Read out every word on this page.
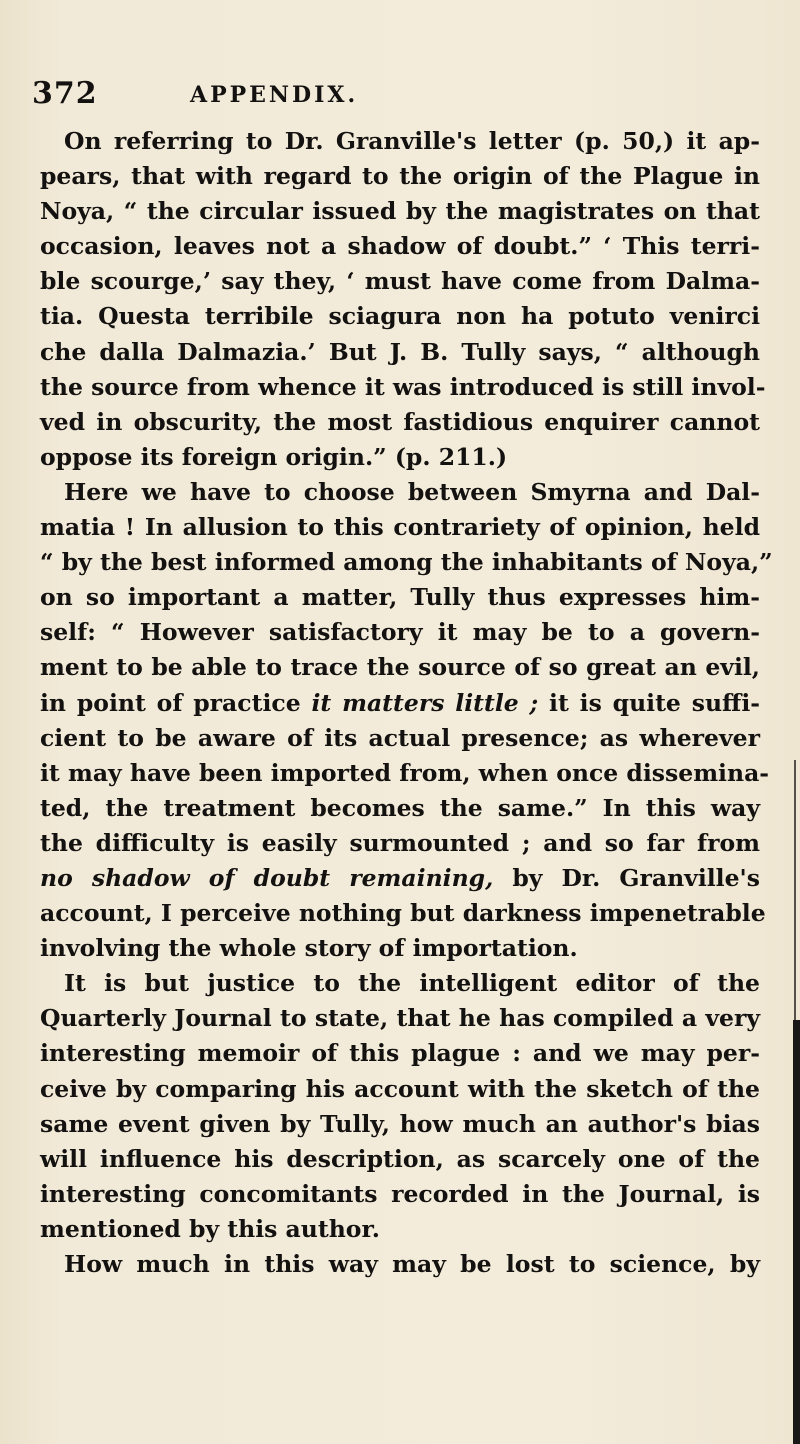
372	APPENDIX.
On referring to Dr. Granville's letter (p. 50,) it ap-
pears, that with regard to the origin of the Plague in
Noya, “ the circular issued by the magistrates on that
occasion, leaves not a shadow of doubt.” ‘ This terri-
ble scourge,’ say they, ‘ must have come from Dalma-
tia. Questa terribile sciagura non ha potuto venirci
che dalla Dalmazia.’ But J. B. Tully says, “ although
the source from whence it was introduced is still invol-
ved in obscurity, the most fastidious enquirer cannot
oppose its foreign origin.” (p. 211.)
Here we have to choose between Smyrna and Dal-
matia ! In allusion to this contrariety of opinion, held
“ by the best informed among the inhabitants of Noya,”
on so important a matter, Tully thus expresses him-
self: “ However satisfactory it may be to a govern-
ment to be able to trace the source of so great an evil,
in point of practice it matters little ; it is quite suffi-
cient to be aware of its actual presence; as wherever
it may have been imported from, when once dissemina-
ted, the treatment becomes the same.” In this way
the difficulty is easily surmounted ; and so far from
no shadow of doubt remaining, by Dr. Granville's
account, I perceive nothing but darkness impenetrable
involving the whole story of importation.
It is but justice to the intelligent editor of the
Quarterly Journal to state, that he has compiled a very
interesting memoir of this plague : and we may per-
ceive by comparing his account with the sketch of the
same event given by Tully, how much an author's bias
will influence his description, as scarcely one of the
interesting concomitants recorded in the Journal, is
mentioned by this author.
How much in this way may be lost to science, by
